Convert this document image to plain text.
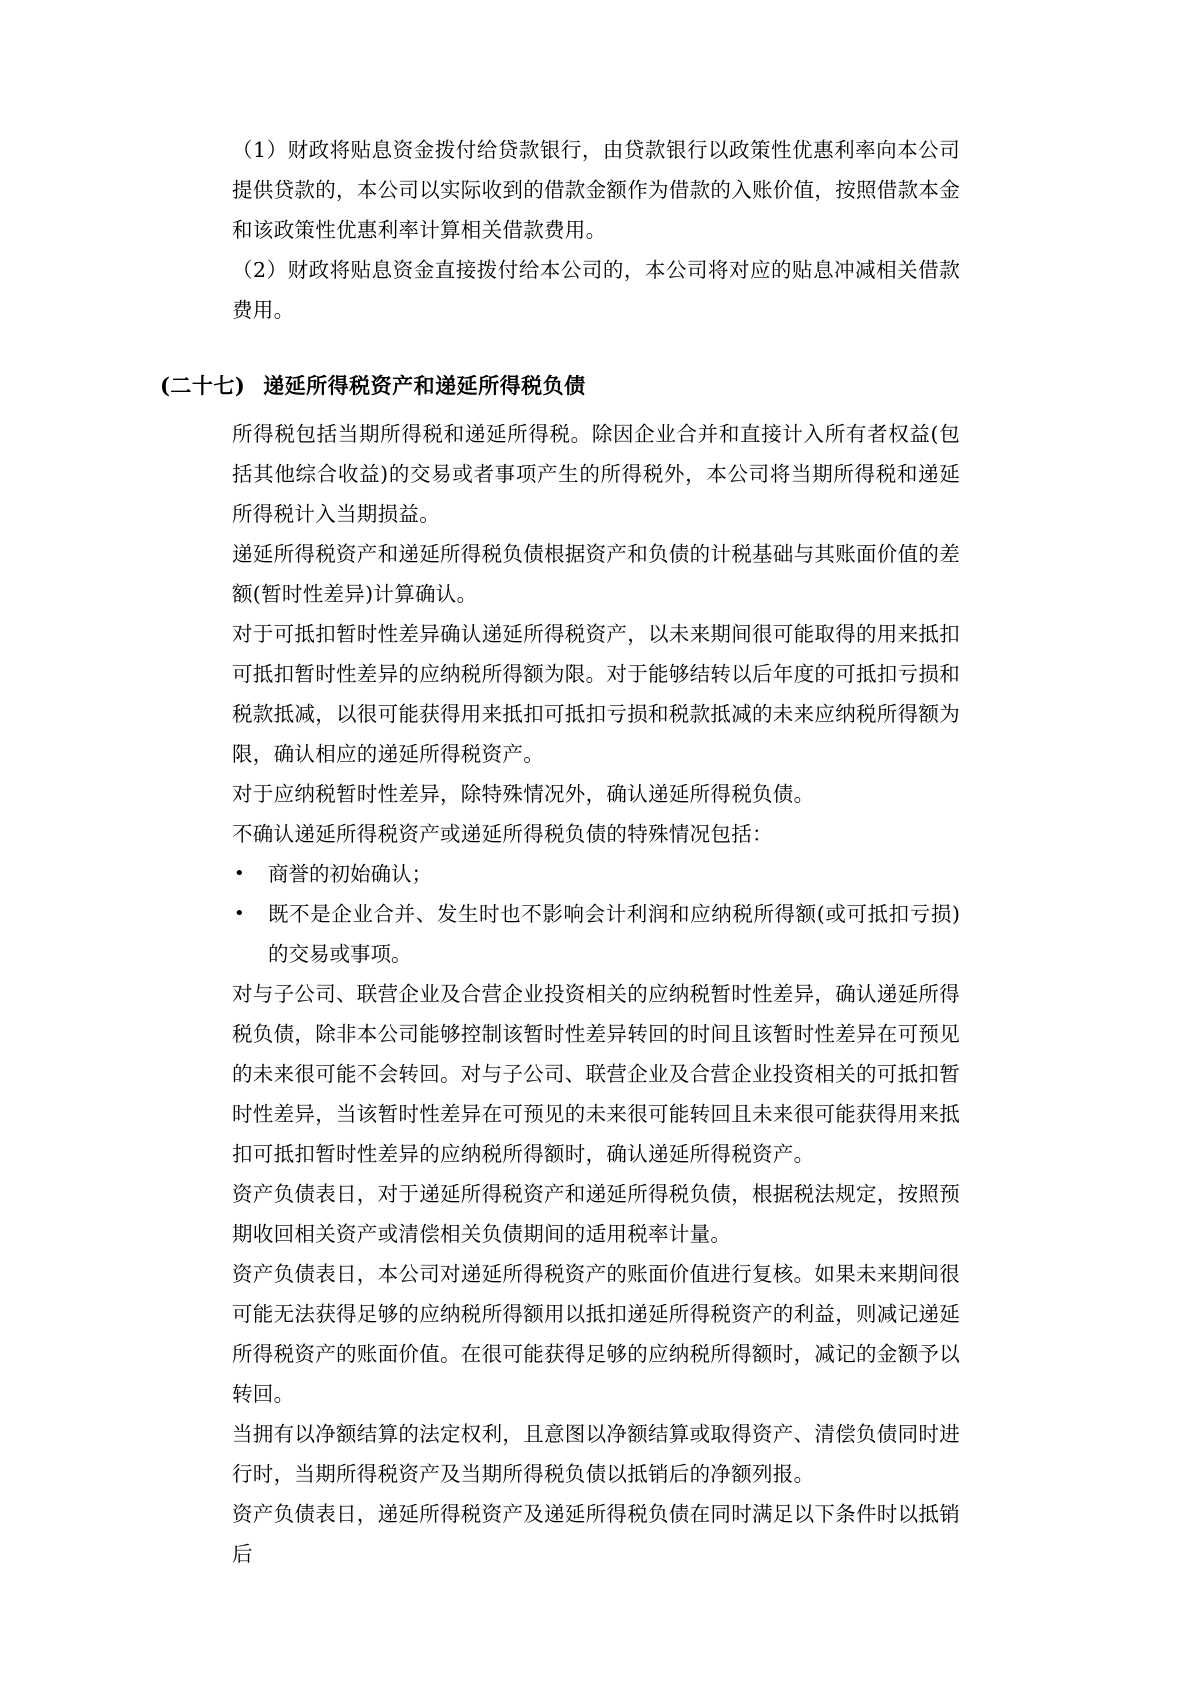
（1）财政将贴息资金拨付给贷款银行，由贷款银行以政策性优惠利率向本公司提供贷款的，本公司以实际收到的借款金额作为借款的入账价值，按照借款本金和该政策性优惠利率计算相关借款费用。

（2）财政将贴息资金直接拨付给本公司的，本公司将对应的贴息冲减相关借款费用。

(二十七) 递延所得税资产和递延所得税负债

所得税包括当期所得税和递延所得税。除因企业合并和直接计入所有者权益(包括其他综合收益)的交易或者事项产生的所得税外，本公司将当期所得税和递延所得税计入当期损益。

递延所得税资产和递延所得税负债根据资产和负债的计税基础与其账面价值的差额(暂时性差异)计算确认。

对于可抵扣暂时性差异确认递延所得税资产，以未来期间很可能取得的用来抵扣可抵扣暂时性差异的应纳税所得额为限。对于能够结转以后年度的可抵扣亏损和税款抵减，以很可能获得用来抵扣可抵扣亏损和税款抵减的未来应纳税所得额为限，确认相应的递延所得税资产。

对于应纳税暂时性差异，除特殊情况外，确认递延所得税负债。

不确认递延所得税资产或递延所得税负债的特殊情况包括：

• 商誉的初始确认；
• 既不是企业合并、发生时也不影响会计利润和应纳税所得额(或可抵扣亏损)的交易或事项。

对与子公司、联营企业及合营企业投资相关的应纳税暂时性差异，确认递延所得税负债，除非本公司能够控制该暂时性差异转回的时间且该暂时性差异在可预见的未来很可能不会转回。对与子公司、联营企业及合营企业投资相关的可抵扣暂时性差异，当该暂时性差异在可预见的未来很可能转回且未来很可能获得用来抵扣可抵扣暂时性差异的应纳税所得额时，确认递延所得税资产。

资产负债表日，对于递延所得税资产和递延所得税负债，根据税法规定，按照预期收回相关资产或清偿相关负债期间的适用税率计量。

资产负债表日，本公司对递延所得税资产的账面价值进行复核。如果未来期间很可能无法获得足够的应纳税所得额用以抵扣递延所得税资产的利益，则减记递延所得税资产的账面价值。在很可能获得足够的应纳税所得额时，减记的金额予以转回。

当拥有以净额结算的法定权利，且意图以净额结算或取得资产、清偿负债同时进行时，当期所得税资产及当期所得税负债以抵销后的净额列报。

资产负债表日，递延所得税资产及递延所得税负债在同时满足以下条件时以抵销后
